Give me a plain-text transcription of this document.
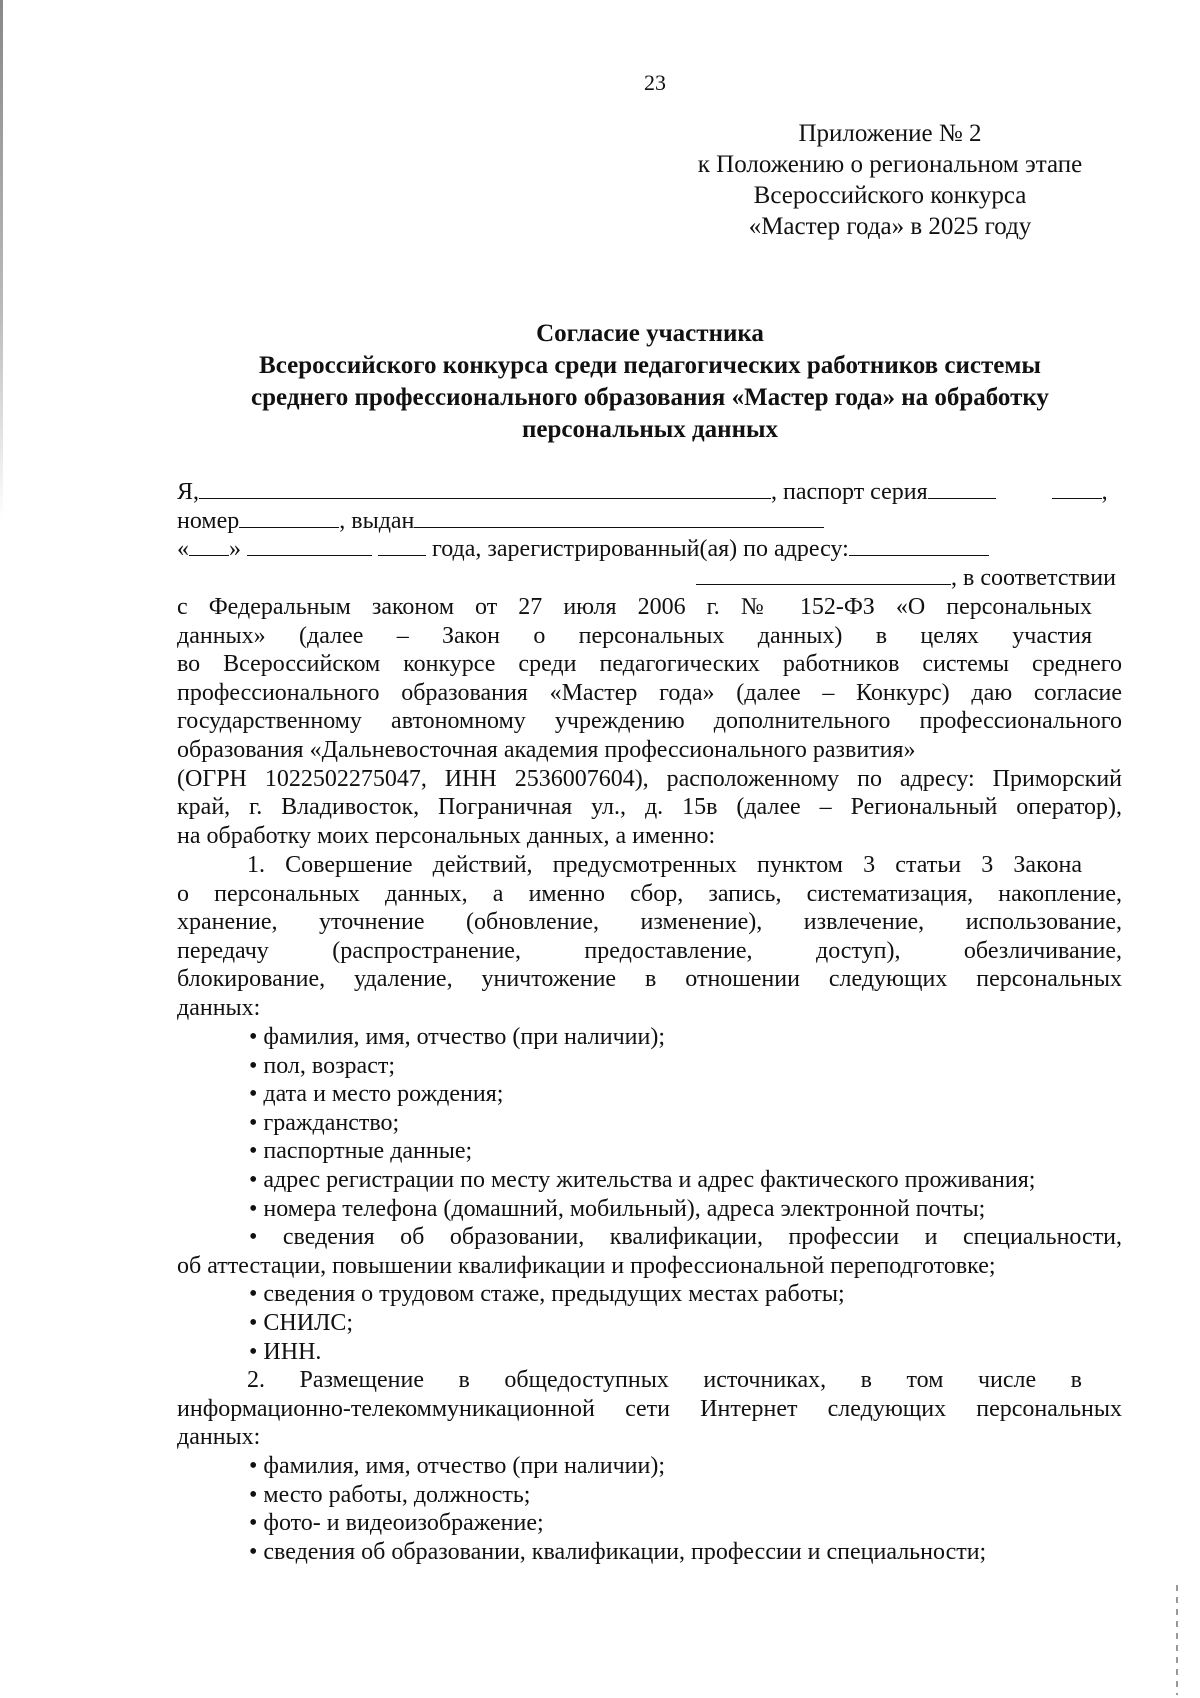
23
Приложение № 2
к Положению о региональном этапе
Всероссийского конкурса
«Мастер года» в 2025 году
Согласие участника
Всероссийского конкурса среди педагогических работников системы
среднего профессионального образования «Мастер года» на обработку
персональных данных
Я,	, паспорт серия	,
номер	, выдан
« »	года, зарегистрированный(ая) по адресу:
, в соответствии
с Федеральным законом от 27 июля 2006 г. № 152-ФЗ «О персональных
данных» (далее – Закон о персональных данных) в целях участия
во Всероссийском конкурсе среди педагогических работников системы среднего
профессионального образования «Мастер года» (далее – Конкурс) даю согласие
государственному автономному учреждению дополнительного профессионального
образования «Дальневосточная академия профессионального развития»
(ОГРН 1022502275047, ИНН 2536007604), расположенному по адресу: Приморский
край, г. Владивосток, Пограничная ул., д. 15в (далее – Региональный оператор),
на обработку моих персональных данных, а именно:
1. Совершение действий, предусмотренных пунктом 3 статьи 3 Закона
о персональных данных, а именно сбор, запись, систематизация, накопление,
хранение, уточнение (обновление, изменение), извлечение, использование,
передачу (распространение, предоставление, доступ), обезличивание,
блокирование, удаление, уничтожение в отношении следующих персональных
данных:
• фамилия, имя, отчество (при наличии);
• пол, возраст;
• дата и место рождения;
• гражданство;
• паспортные данные;
• адрес регистрации по месту жительства и адрес фактического проживания;
• номера телефона (домашний, мобильный), адреса электронной почты;
• сведения об образовании, квалификации, профессии и специальности,
об аттестации, повышении квалификации и профессиональной переподготовке;
• сведения о трудовом стаже, предыдущих местах работы;
• СНИЛС;
• ИНН.
2. Размещение в общедоступных источниках, в том числе в
информационно-телекоммуникационной сети Интернет следующих персональных
данных:
• фамилия, имя, отчество (при наличии);
• место работы, должность;
• фото- и видеоизображение;
• сведения об образовании, квалификации, профессии и специальности;
